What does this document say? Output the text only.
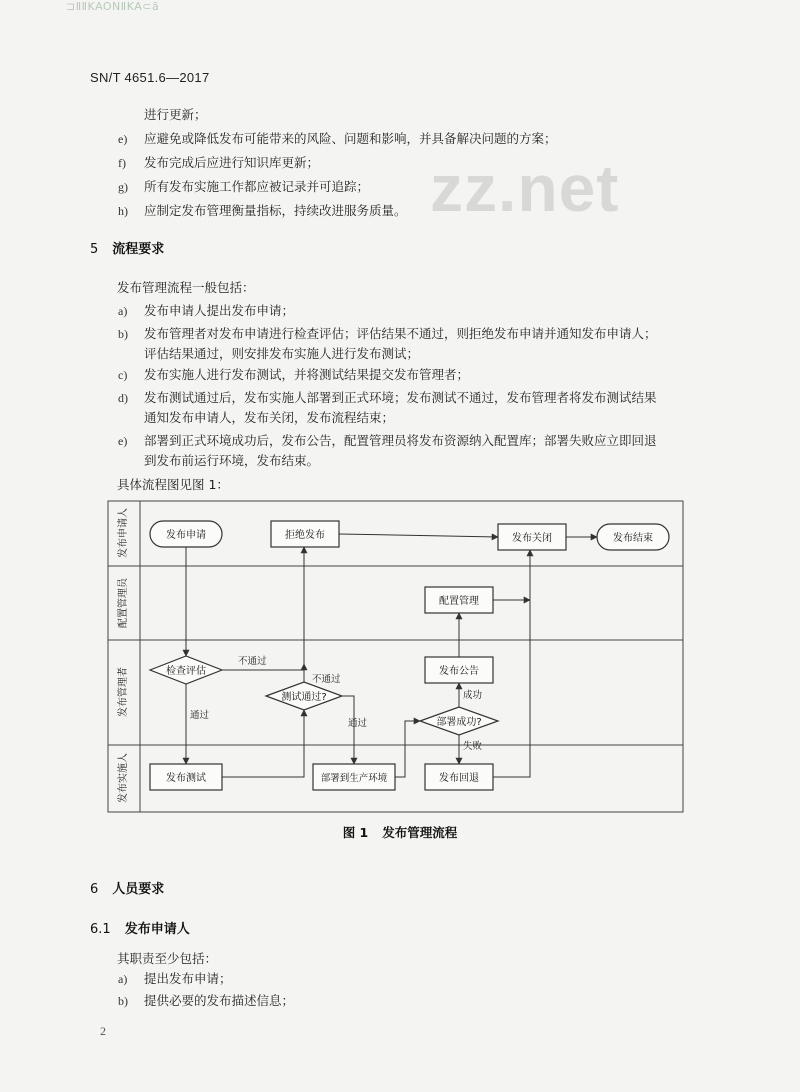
⊐ⅡⅡKAONⅡKA⊂ã
SN/T 4651.6—2017
zz.net
进行更新；
e) 应避免或降低发布可能带来的风险、问题和影响，并具备解决问题的方案；
f) 发布完成后应进行知识库更新；
g) 所有发布实施工作都应被记录并可追踪；
h) 应制定发布管理衡量指标，持续改进服务质量。
5 流程要求
发布管理流程一般包括：
a) 发布申请人提出发布申请；
b) 发布管理者对发布申请进行检查评估；评估结果不通过，则拒绝发布申请并通知发布申请人；
评估结果通过，则安排发布实施人进行发布测试；
c) 发布实施人进行发布测试，并将测试结果提交发布管理者；
d) 发布测试通过后，发布实施人部署到正式环境；发布测试不通过，发布管理者将发布测试结果
通知发布申请人，发布关闭，发布流程结束；
e) 部署到正式环境成功后，发布公告，配置管理员将发布资源纳入配置库；部署失败应立即回退
到发布前运行环境，发布结束。
具体流程图见图 1：
发布申请人
配置管理员
发布管理者
发布实施人
发布申请	拒绝发布	发布关闭	发布结束
配置管理
发布公告
检查评估
测试通过?
部署成功?
发布测试	部署到生产环境	发布回退
不通过
不通过
通过
通过
成功
失败
图 1 发布管理流程
6 人员要求
6.1 发布申请人
其职责至少包括：
a) 提出发布申请；
b) 提供必要的发布描述信息；
2
